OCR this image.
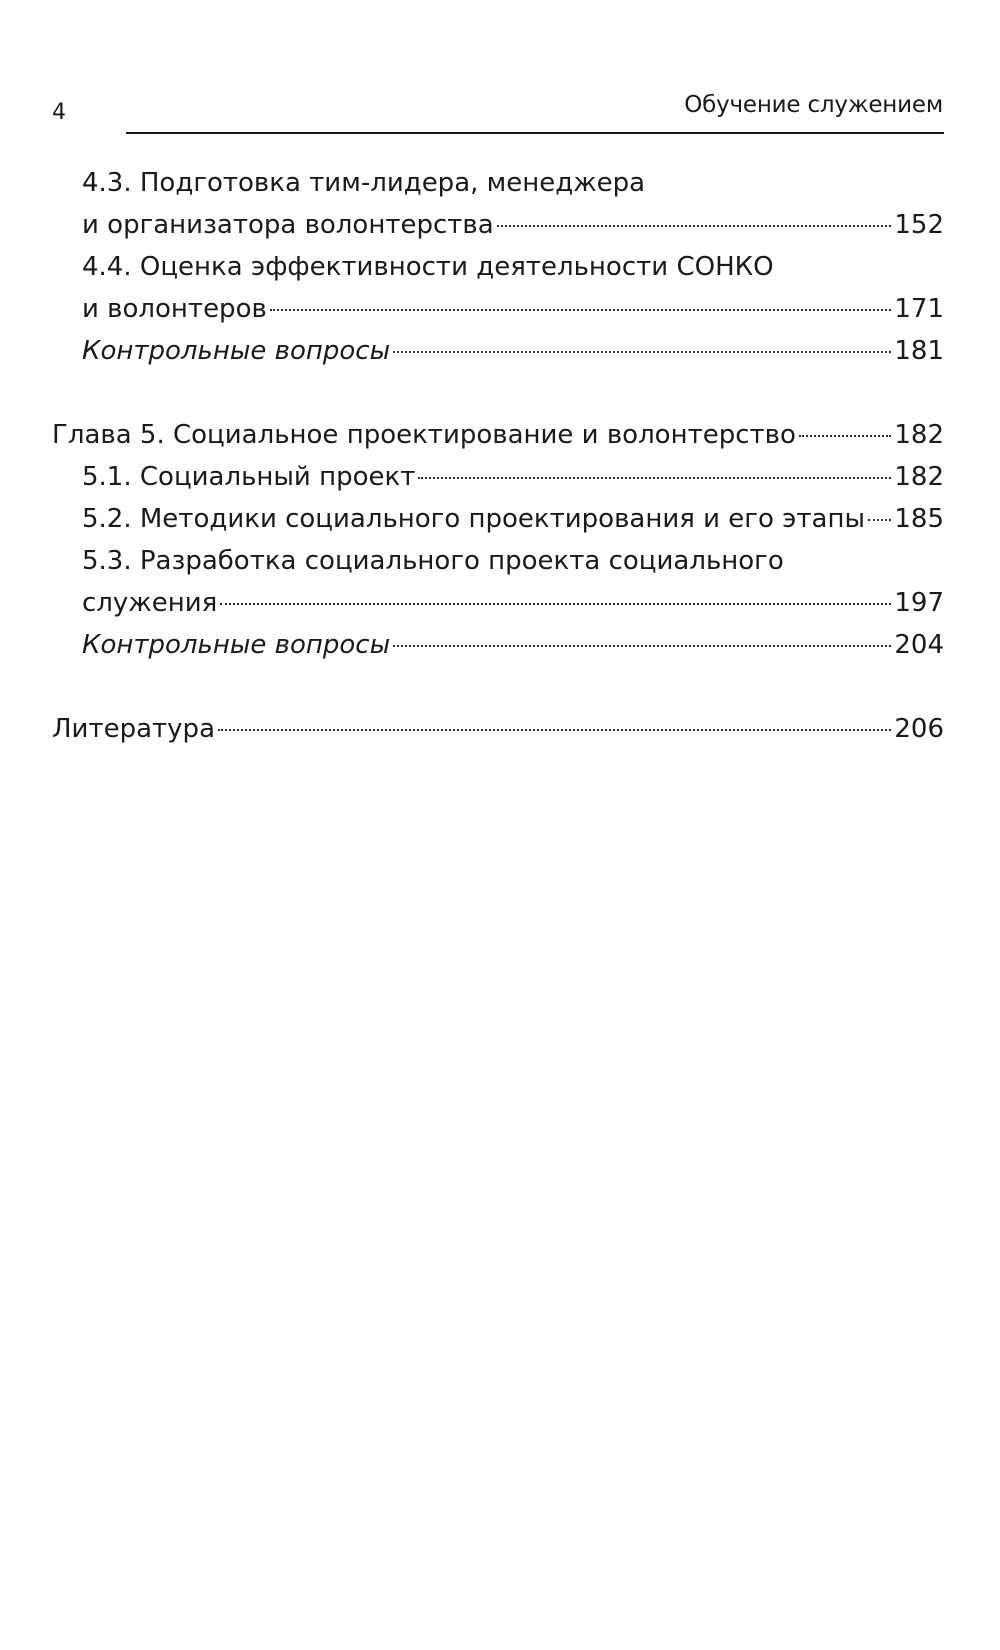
4	Обучение служением
4.3. Подготовка тим-лидера, менеджера
и организатора волонтерства	152
4.4. Оценка эффективности деятельности СОНКО
и волонтеров	171
Контрольные вопросы	181
Глава 5. Социальное проектирование и волонтерство	182
5.1. Социальный проект	182
5.2. Методики социального проектирования и его этапы 185
5.3. Разработка социального проекта социального
служения	197
Контрольные вопросы	204
Литература	206
